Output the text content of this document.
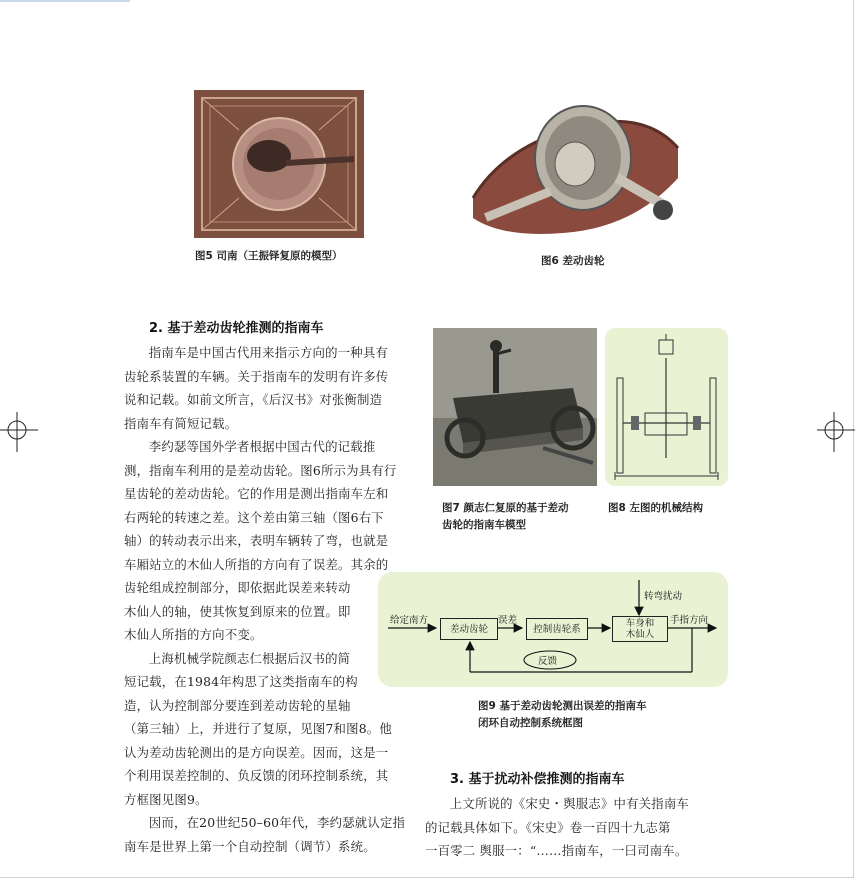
图5 司南（王振铎复原的模型）	图6 差动齿轮
2. 基于差动齿轮推测的指南车

指南车是中国古代用来指示方向的一种具有

齿轮系装置的车辆。关于指南车的发明有许多传
说和记载。如前文所言，《后汉书》对张衡制造
指南车有简短记载。

李约瑟等国外学者根据中国古代的记载推

测，指南车利用的是差动齿轮。图6所示为具有行
星齿轮的差动齿轮。它的作用是测出指南车左和
右两轮的转速之差。这个差由第三轴（图6右下
轴）的转动表示出来，表明车辆转了弯，也就是
车厢站立的木仙人所指的方向有了误差。其余的
齿轮组成控制部分，即依据此误差来转动
木仙人的轴，使其恢复到原来的位置。即
木仙人所指的方向不变。

上海机械学院颜志仁根据后汉书的简

短记载，在1984年构思了这类指南车的构
造，认为控制部分要连到差动齿轮的星轴
（第三轴）上，并进行了复原，见图7和图8。他
认为差动齿轮测出的是方向误差。因而，这是一
个利用误差控制的、负反馈的闭环控制系统，其
方框图见图9。

因而，在20世纪50–60年代，李约瑟就认定指

南车是世界上第一个自动控制（调节）系统。
图7 颜志仁复原的基于差动
齿轮的指南车模型
图8 左图的机械结构
给定南方
差动齿轮
误差
控制齿轮系	车身和
木仙人
手指方向
转弯扰动
反馈
图9 基于差动齿轮测出误差的指南车
闭环自动控制系统框图
3. 基于扰动补偿推测的指南车

上文所说的《宋史・舆服志》中有关指南车

的记载具体如下。《宋史》卷一百四十九志第
一百零二 舆服一：“……指南车，一曰司南车。
